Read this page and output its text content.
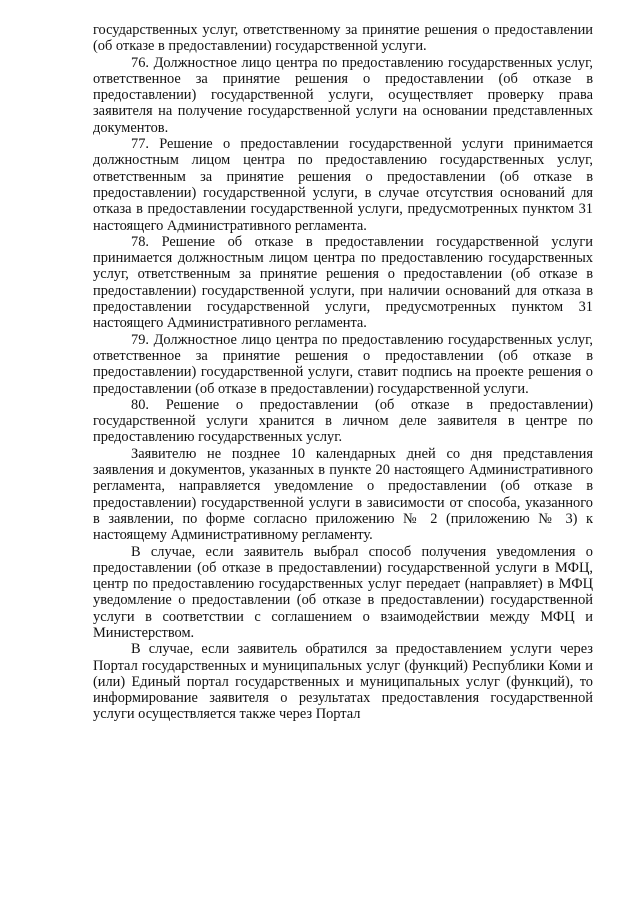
государственных услуг, ответственному за принятие решения о предоставлении (об отказе в предоставлении) государственной услуги.

76. Должностное лицо центра по предоставлению государственных услуг, ответственное за принятие решения о предоставлении (об отказе в предоставлении) государственной услуги, осуществляет проверку права заявителя на получение государственной услуги на основании представленных документов.

77. Решение о предоставлении государственной услуги принимается должностным лицом центра по предоставлению государственных услуг, ответственным за принятие решения о предоставлении (об отказе в предоставлении) государственной услуги, в случае отсутствия оснований для отказа в предоставлении государственной услуги, предусмотренных пунктом 31 настоящего Административного регламента.

78. Решение об отказе в предоставлении государственной услуги принимается должностным лицом центра по предоставлению государственных услуг, ответственным за принятие решения о предоставлении (об отказе в предоставлении) государственной услуги, при наличии оснований для отказа в предоставлении государственной услуги, предусмотренных пунктом 31 настоящего Административного регламента.

79. Должностное лицо центра по предоставлению государственных услуг, ответственное за принятие решения о предоставлении (об отказе в предоставлении) государственной услуги, ставит подпись на проекте решения о предоставлении (об отказе в предоставлении) государственной услуги.

80. Решение о предоставлении (об отказе в предоставлении) государственной услуги хранится в личном деле заявителя в центре по предоставлению государственных услуг.

Заявителю не позднее 10 календарных дней со дня представления заявления и документов, указанных в пункте 20 настоящего Административного регламента, направляется уведомление о предоставлении (об отказе в предоставлении) государственной услуги в зависимости от способа, указанного в заявлении, по форме согласно приложению № 2 (приложению № 3) к настоящему Административному регламенту.

В случае, если заявитель выбрал способ получения уведомления о предоставлении (об отказе в предоставлении) государственной услуги в МФЦ, центр по предоставлению государственных услуг передает (направляет) в МФЦ уведомление о предоставлении (об отказе в предоставлении) государственной услуги в соответствии с соглашением о взаимодействии между МФЦ и Министерством.

В случае, если заявитель обратился за предоставлением услуги через Портал государственных и муниципальных услуг (функций) Республики Коми и (или) Единый портал государственных и муниципальных услуг (функций), то информирование заявителя о результатах предоставления государственной услуги осуществляется также через Портал
